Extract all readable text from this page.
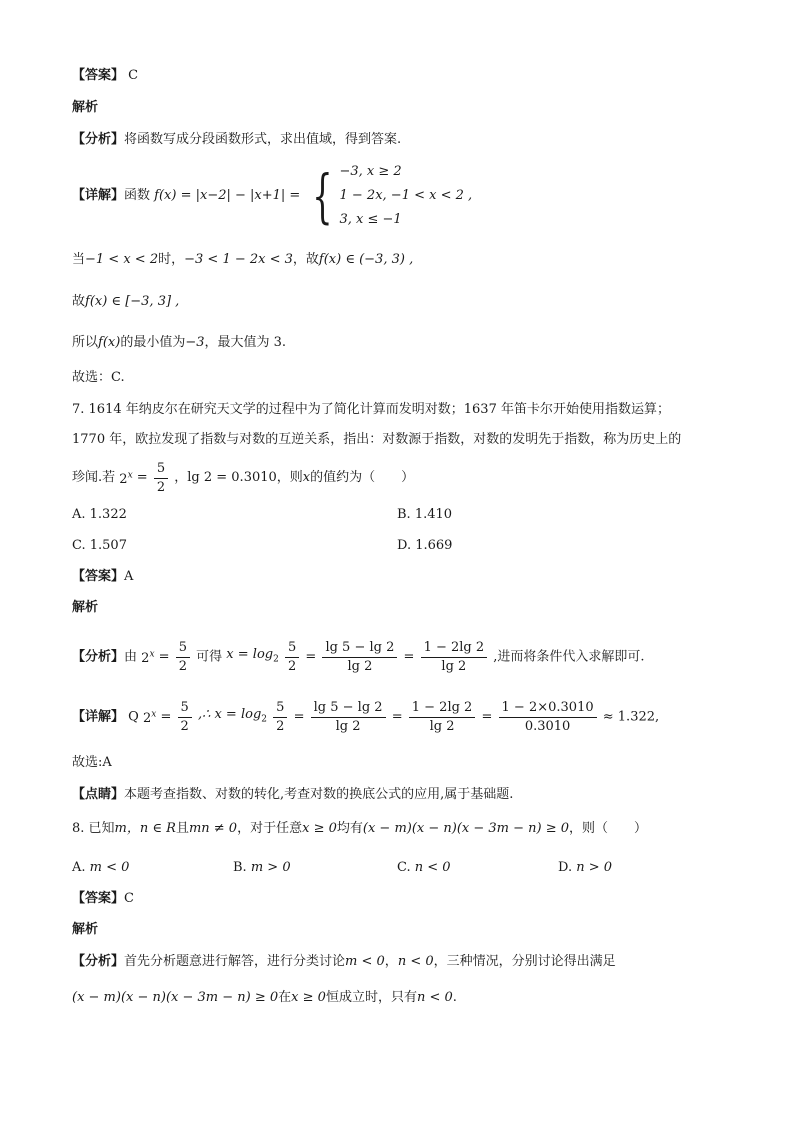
【答案】 C
解析
【分析】将函数写成分段函数形式，求出值域，得到答案.
【详解】函数 f(x) = |x−2| − |x+1| = { −3, x ≥ 2
1 − 2x, −1 < x < 2 ,
3, x ≤ −1
当−1 < x < 2时，−3 < 1 − 2x < 3，故f(x) ∈ (−3, 3) ,
故f(x) ∈ [−3, 3] ,
所以f(x)的最小值为−3，最大值为 3.
故选：C.
7. 1614 年纳皮尔在研究天文学的过程中为了简化计算而发明对数；1637 年笛卡尔开始使用指数运算；
1770 年，欧拉发现了指数与对数的互逆关系，指出：对数源于指数，对数的发明先于指数，称为历史上的
珍闻.若 $2^x = \frac{5}{2}$ ，lg 2 = 0.3010，则x的值约为（　　）
A. 1.322	B. 1.410
C. 1.507	D. 1.669
【答案】A
解析
【分析】由 $2^x = \frac{5}{2}$ 可得 $x = \log_2 \frac{5}{2} = \frac{\lg 5 - \lg 2}{\lg 2} = \frac{1 - 2\lg 2}{\lg 2}$ ,进而将条件代入求解即可.
【详解】 Q $2^x = \frac{5}{2}$ ,∴ $x = \log_2 \frac{5}{2} = \frac{\lg 5 - \lg 2}{\lg 2} = \frac{1 - 2\lg 2}{\lg 2} = \frac{1 - 2\times 0.3010}{0.3010} \approx 1.322$,
故选:A
【点睛】本题考查指数、对数的转化,考查对数的换底公式的应用,属于基础题.
8. 已知m，n ∈ R且mn ≠ 0，对于任意x ≥ 0均有(x − m)(x − n)(x − 3m − n) ≥ 0，则（　　）
A. m < 0	B. m > 0	C. n < 0	D. n > 0
【答案】C
解析
【分析】首先分析题意进行解答，进行分类讨论m < 0，n < 0，三种情况，分别讨论得出满足
(x − m)(x − n)(x − 3m − n) ≥ 0在x ≥ 0恒成立时，只有n < 0.
